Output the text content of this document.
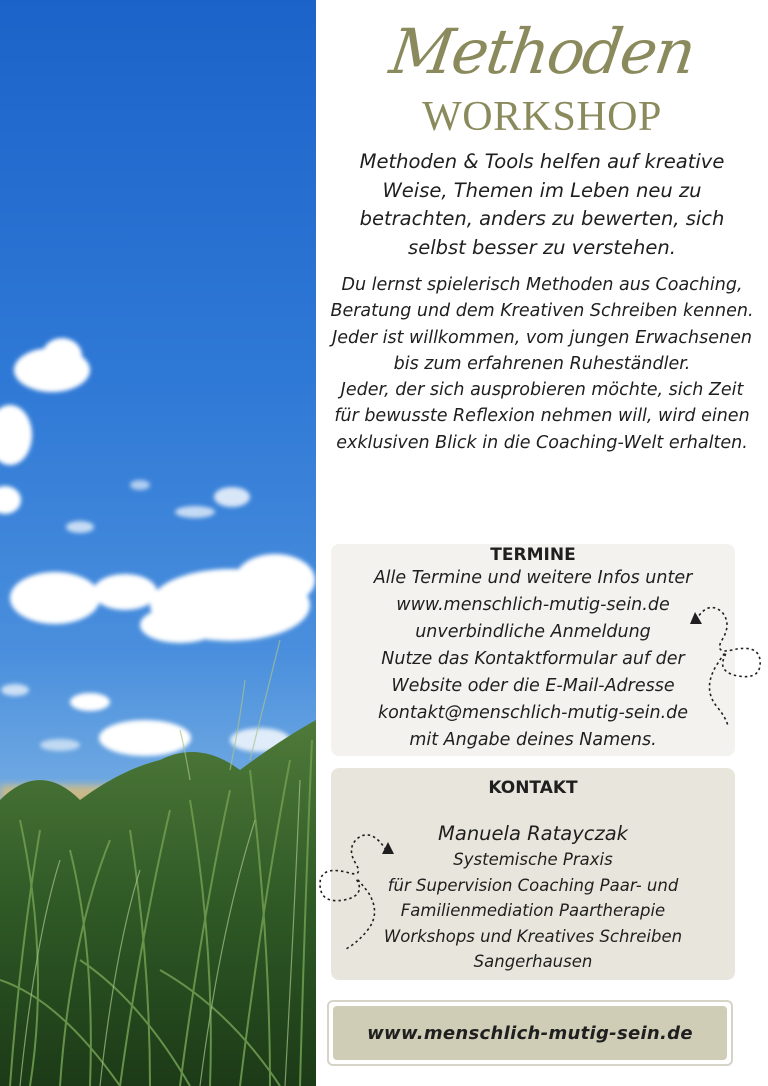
Methoden
WORKSHOP
Methoden & Tools helfen auf kreative Weise, Themen im Leben neu zu betrachten, anders zu bewerten, sich selbst besser zu verstehen.

Du lernst spielerisch Methoden aus Coaching, Beratung und dem Kreativen Schreiben kennen.

Jeder ist willkommen, vom jungen Erwachsenen bis zum erfahrenen Ruheständler.

Jeder, der sich ausprobieren möchte, sich Zeit für bewusste Reflexion nehmen will, wird einen exklusiven Blick in die Coaching-Welt erhalten.

TERMINE
Alle Termine und weitere Infos unter
www.menschlich-mutig-sein.de
unverbindliche Anmeldung
Nutze das Kontaktformular auf der
Website oder die E-Mail-Adresse
kontakt@menschlich-mutig-sein.de
mit Angabe deines Namens.
KONTAKT
Manuela Ratayczak
Systemische Praxis
für Supervision Coaching Paar- und
Familienmediation Paartherapie
Workshops und Kreatives Schreiben
Sangerhausen
www.menschlich-mutig-sein.de
